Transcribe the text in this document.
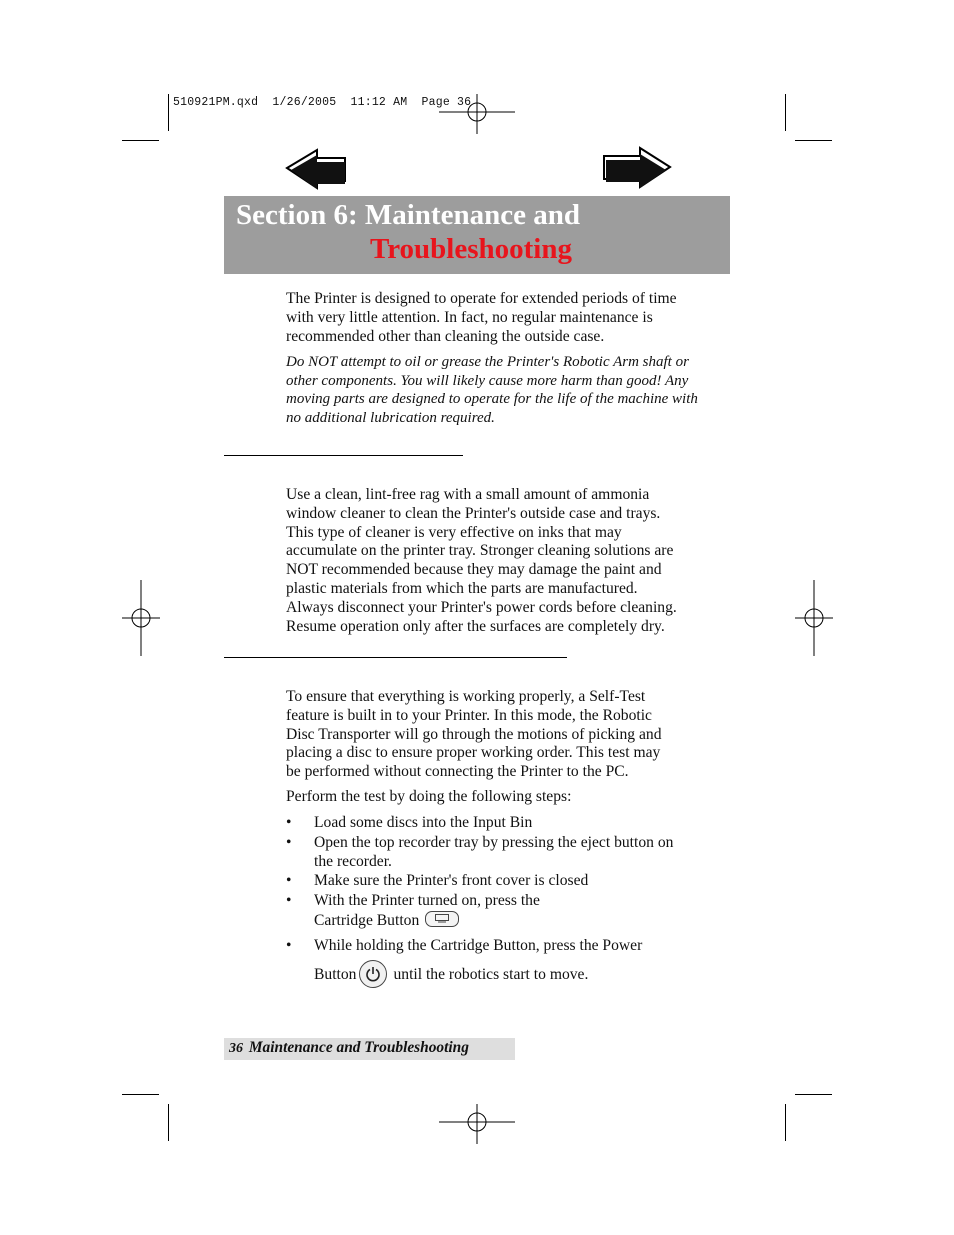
510921PM.qxd  1/26/2005  11:12 AM  Page 36
Section 6: Maintenance and
Troubleshooting

The Printer is designed to operate for extended periods of time

with very little attention. In fact, no regular maintenance is

recommended other than cleaning the outside case.

Do NOT attempt to oil or grease the Printer's Robotic Arm shaft or

other components. You will likely cause more harm than good! Any

moving parts are designed to operate for the life of the machine with

no additional lubrication required.

Use a clean, lint-free rag with a small amount of ammonia

window cleaner to clean the Printer's outside case and trays.

This type of cleaner is very effective on inks that may

accumulate on the printer tray. Stronger cleaning solutions are

NOT recommended because they may damage the paint and

plastic materials from which the parts are manufactured.

Always disconnect your Printer's power cords before cleaning.

Resume operation only after the surfaces are completely dry.

To ensure that everything is working properly, a Self-Test

feature is built in to your Printer. In this mode, the Robotic

Disc Transporter will go through the motions of picking and

placing a disc to ensure proper working order. This test may

be performed without connecting the Printer to the PC.

Perform the test by doing the following steps:
• Load some discs into the Input Bin
• Open the top recorder tray by pressing the eject button on
the recorder.
• Make sure the Printer's front cover is closed
• With the Printer turned on, press the
Cartridge Button
• While holding the Cartridge Button, press the Power
Button until the robotics start to move.
36 Maintenance and Troubleshooting
